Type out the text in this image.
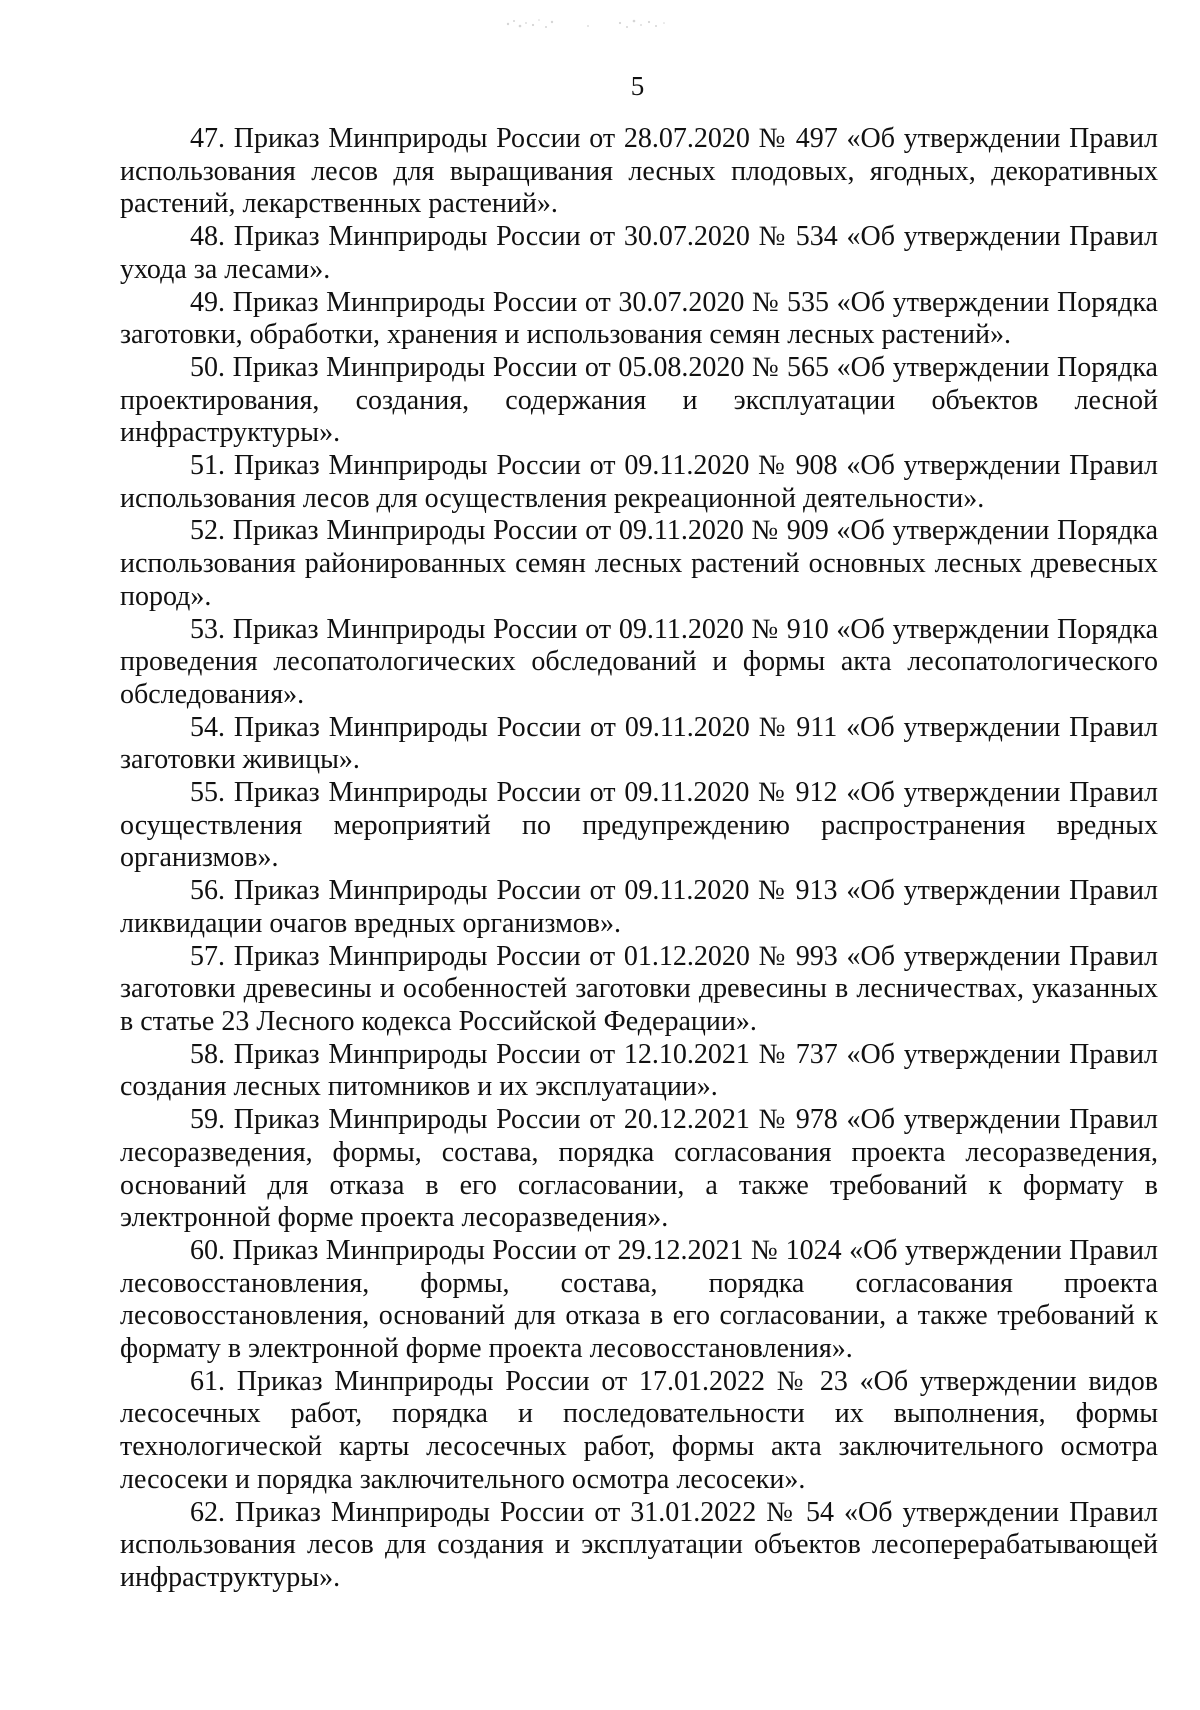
5

47. Приказ Минприроды России от 28.07.2020 № 497 «Об утверждении Правил использования лесов для выращивания лесных плодовых, ягодных, декоративных растений, лекарственных растений».

48. Приказ Минприроды России от 30.07.2020 № 534 «Об утверждении Правил ухода за лесами».

49. Приказ Минприроды России от 30.07.2020 № 535 «Об утверждении Порядка заготовки, обработки, хранения и использования семян лесных растений».

50. Приказ Минприроды России от 05.08.2020 № 565 «Об утверждении Порядка проектирования, создания, содержания и эксплуатации объектов лесной инфраструктуры».

51. Приказ Минприроды России от 09.11.2020 № 908 «Об утверждении Правил использования лесов для осуществления рекреационной деятельности».

52. Приказ Минприроды России от 09.11.2020 № 909 «Об утверждении Порядка использования районированных семян лесных растений основных лесных древесных пород».

53. Приказ Минприроды России от 09.11.2020 № 910 «Об утверждении Порядка проведения лесопатологических обследований и формы акта лесопатологического обследования».

54. Приказ Минприроды России от 09.11.2020 № 911 «Об утверждении Правил заготовки живицы».

55. Приказ Минприроды России от 09.11.2020 № 912 «Об утверждении Правил осуществления мероприятий по предупреждению распространения вредных организмов».

56. Приказ Минприроды России от 09.11.2020 № 913 «Об утверждении Правил ликвидации очагов вредных организмов».

57. Приказ Минприроды России от 01.12.2020 № 993 «Об утверждении Правил заготовки древесины и особенностей заготовки древесины в лесничествах, указанных в статье 23 Лесного кодекса Российской Федерации».

58. Приказ Минприроды России от 12.10.2021 № 737 «Об утверждении Правил создания лесных питомников и их эксплуатации».

59. Приказ Минприроды России от 20.12.2021 № 978 «Об утверждении Правил лесоразведения, формы, состава, порядка согласования проекта лесоразведения, оснований для отказа в его согласовании, а также требований к формату в электронной форме проекта лесоразведения».

60. Приказ Минприроды России от 29.12.2021 № 1024 «Об утверждении Правил лесовосстановления, формы, состава, порядка согласования проекта лесовосстановления, оснований для отказа в его согласовании, а также требований к формату в электронной форме проекта лесовосстановления».

61. Приказ Минприроды России от 17.01.2022 № 23 «Об утверждении видов лесосечных работ, порядка и последовательности их выполнения, формы технологической карты лесосечных работ, формы акта заключительного осмотра лесосеки и порядка заключительного осмотра лесосеки».

62. Приказ Минприроды России от 31.01.2022 № 54 «Об утверждении Правил использования лесов для создания и эксплуатации объектов лесоперерабатывающей инфраструктуры».
